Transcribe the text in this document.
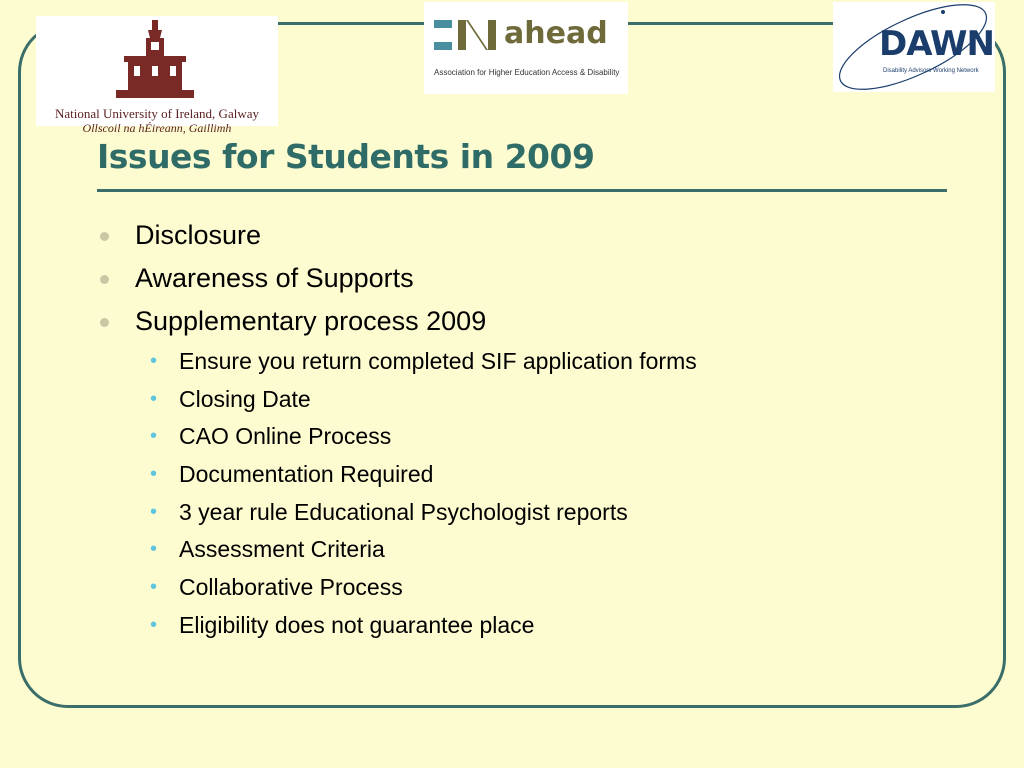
National University of Ireland, Galway
Ollscoil na hÉireann, Gaillimh
ahead
Association for Higher Education Access & Disability
DAWN
Disability Advisors Working Network
Issues for Students in 2009
Disclosure
Awareness of Supports
Supplementary process 2009
• Ensure you return completed SIF application forms
• Closing Date
• CAO Online Process
• Documentation Required
• 3 year rule Educational Psychologist reports
• Assessment Criteria
• Collaborative Process
• Eligibility does not guarantee place
